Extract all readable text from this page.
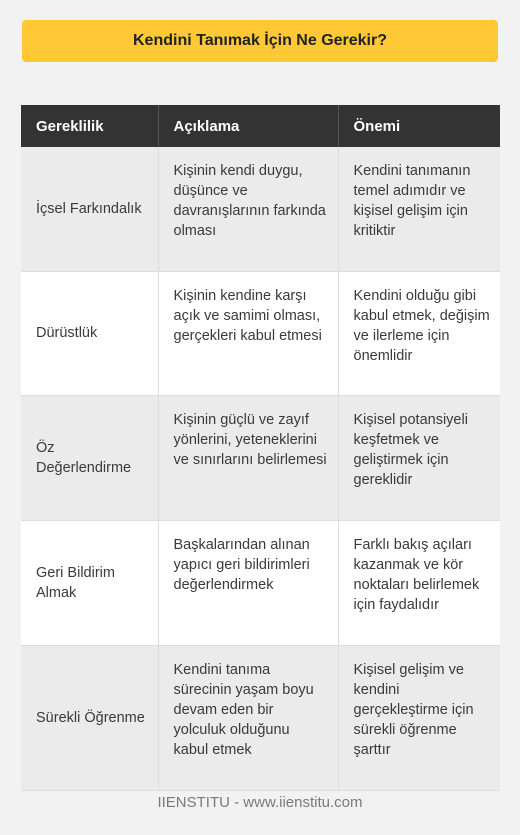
Kendini Tanımak İçin Ne Gerekir?
Gereklilik	Açıklama	Önemi
İçsel Farkındalık	Kişinin kendi duygu, düşünce ve davranışlarının farkında olması	Kendini tanımanın temel adımıdır ve kişisel gelişim için kritiktir
Dürüstlük	Kişinin kendine karşı açık ve samimi olması, gerçekleri kabul etmesi	Kendini olduğu gibi kabul etmek, değişim ve ilerleme için önemlidir
Öz Değerlendirme	Kişinin güçlü ve zayıf yönlerini, yeteneklerini ve sınırlarını belirlemesi	Kişisel potansiyeli keşfetmek ve geliştirmek için gereklidir
Geri Bildirim Almak	Başkalarından alınan yapıcı geri bildirimleri değerlendirmek	Farklı bakış açıları kazanmak ve kör noktaları belirlemek için faydalıdır
Sürekli Öğrenme	Kendini tanıma sürecinin yaşam boyu devam eden bir yolculuk olduğunu kabul etmek	Kişisel gelişim ve kendini gerçekleştirme için sürekli öğrenme şarttır
IIENSTITU - www.iienstitu.com
